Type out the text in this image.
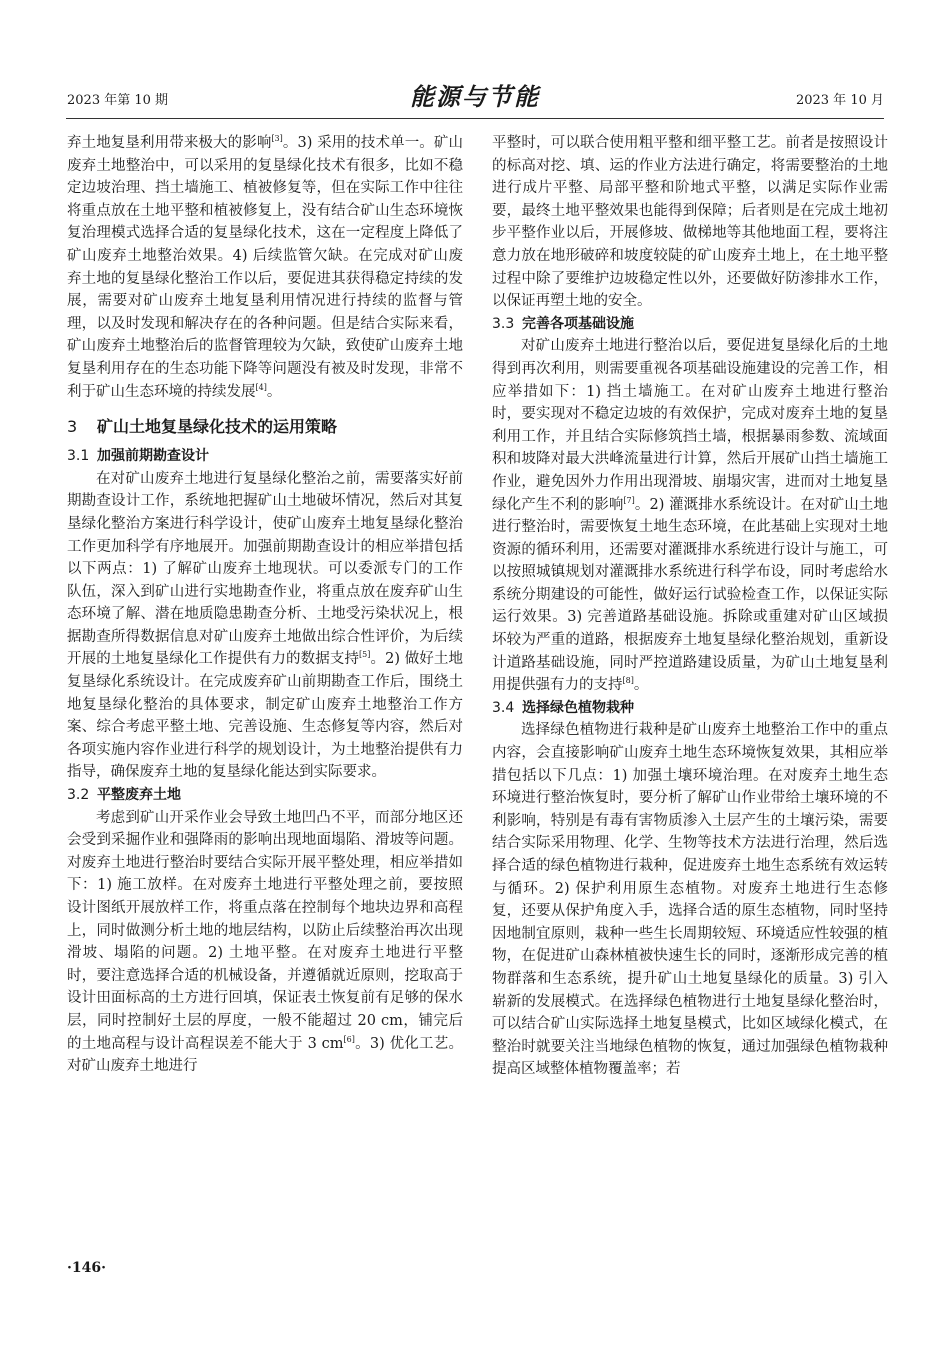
2023 年第 10 期	能源与节能	2023 年 10 月

弃土地复垦利用带来极大的影响[3]。3) 采用的技术单一。矿山废弃土地整治中，可以采用的复垦绿化技术有很多，比如不稳定边坡治理、挡土墙施工、植被修复等，但在实际工作中往往将重点放在土地平整和植被修复上，没有结合矿山生态环境恢复治理模式选择合适的复垦绿化技术，这在一定程度上降低了矿山废弃土地整治效果。4) 后续监管欠缺。在完成对矿山废弃土地的复垦绿化整治工作以后，要促进其获得稳定持续的发展，需要对矿山废弃土地复垦利用情况进行持续的监督与管理，以及时发现和解决存在的各种问题。但是结合实际来看，矿山废弃土地整治后的监督管理较为欠缺，致使矿山废弃土地复垦利用存在的生态功能下降等问题没有被及时发现，非常不利于矿山生态环境的持续发展[4]。

3 矿山土地复垦绿化技术的运用策略
3.1 加强前期勘查设计

在对矿山废弃土地进行复垦绿化整治之前，需要落实好前期勘查设计工作，系统地把握矿山土地破坏情况，然后对其复垦绿化整治方案进行科学设计，使矿山废弃土地复垦绿化整治工作更加科学有序地展开。加强前期勘查设计的相应举措包括以下两点：1) 了解矿山废弃土地现状。可以委派专门的工作队伍，深入到矿山进行实地勘查作业，将重点放在废弃矿山生态环境了解、潜在地质隐患勘查分析、土地受污染状况上，根据勘查所得数据信息对矿山废弃土地做出综合性评价，为后续开展的土地复垦绿化工作提供有力的数据支持[5]。2) 做好土地复垦绿化系统设计。在完成废弃矿山前期勘查工作后，围绕土地复垦绿化整治的具体要求，制定矿山废弃土地整治工作方案、综合考虑平整土地、完善设施、生态修复等内容，然后对各项实施内容作业进行科学的规划设计，为土地整治提供有力指导，确保废弃土地的复垦绿化能达到实际要求。

3.2 平整废弃土地

考虑到矿山开采作业会导致土地凹凸不平，而部分地区还会受到采掘作业和强降雨的影响出现地面塌陷、滑坡等问题。对废弃土地进行整治时要结合实际开展平整处理，相应举措如下：1) 施工放样。在对废弃土地进行平整处理之前，要按照设计图纸开展放样工作，将重点落在控制每个地块边界和高程上，同时做测分析土地的地层结构，以防止后续整治再次出现滑坡、塌陷的问题。2) 土地平整。在对废弃土地进行平整时，要注意选择合适的机械设备，并遵循就近原则，挖取高于设计田面标高的土方进行回填，保证表土恢复前有足够的保水层，同时控制好土层的厚度，一般不能超过 20 cm，铺完后的土地高程与设计高程误差不能大于 3 cm[6]。3) 优化工艺。对矿山废弃土地进行

平整时，可以联合使用粗平整和细平整工艺。前者是按照设计的标高对挖、填、运的作业方法进行确定，将需要整治的土地进行成片平整、局部平整和阶地式平整，以满足实际作业需要，最终土地平整效果也能得到保障；后者则是在完成土地初步平整作业以后，开展修坡、做梯地等其他地面工程，要将注意力放在地形破碎和坡度较陡的矿山废弃土地上，在土地平整过程中除了要维护边坡稳定性以外，还要做好防渗排水工作，以保证再塑土地的安全。

3.3 完善各项基础设施

对矿山废弃土地进行整治以后，要促进复垦绿化后的土地得到再次利用，则需要重视各项基础设施建设的完善工作，相应举措如下：1) 挡土墙施工。在对矿山废弃土地进行整治时，要实现对不稳定边坡的有效保护，完成对废弃土地的复垦利用工作，并且结合实际修筑挡土墙，根据暴雨参数、流域面积和坡降对最大洪峰流量进行计算，然后开展矿山挡土墙施工作业，避免因外力作用出现滑坡、崩塌灾害，进而对土地复垦绿化产生不利的影响[7]。2) 灌溉排水系统设计。在对矿山土地进行整治时，需要恢复土地生态环境，在此基础上实现对土地资源的循环利用，还需要对灌溉排水系统进行设计与施工，可以按照城镇规划对灌溉排水系统进行科学布设，同时考虑给水系统分期建设的可能性，做好运行试验检查工作，以保证实际运行效果。3) 完善道路基础设施。拆除或重建对矿山区域损坏较为严重的道路，根据废弃土地复垦绿化整治规划，重新设计道路基础设施，同时严控道路建设质量，为矿山土地复垦利用提供强有力的支持[8]。

3.4 选择绿色植物栽种

选择绿色植物进行栽种是矿山废弃土地整治工作中的重点内容，会直接影响矿山废弃土地生态环境恢复效果，其相应举措包括以下几点：1) 加强土壤环境治理。在对废弃土地生态环境进行整治恢复时，要分析了解矿山作业带给土壤环境的不利影响，特别是有毒有害物质渗入土层产生的土壤污染，需要结合实际采用物理、化学、生物等技术方法进行治理，然后选择合适的绿色植物进行栽种，促进废弃土地生态系统有效运转与循环。2) 保护利用原生态植物。对废弃土地进行生态修复，还要从保护角度入手，选择合适的原生态植物，同时坚持因地制宜原则，栽种一些生长周期较短、环境适应性较强的植物，在促进矿山森林植被快速生长的同时，逐渐形成完善的植物群落和生态系统，提升矿山土地复垦绿化的质量。3) 引入崭新的发展模式。在选择绿色植物进行土地复垦绿化整治时，可以结合矿山实际选择土地复垦模式，比如区域绿化模式，在整治时就要关注当地绿色植物的恢复，通过加强绿色植物栽种提高区域整体植物覆盖率；若

·146·
